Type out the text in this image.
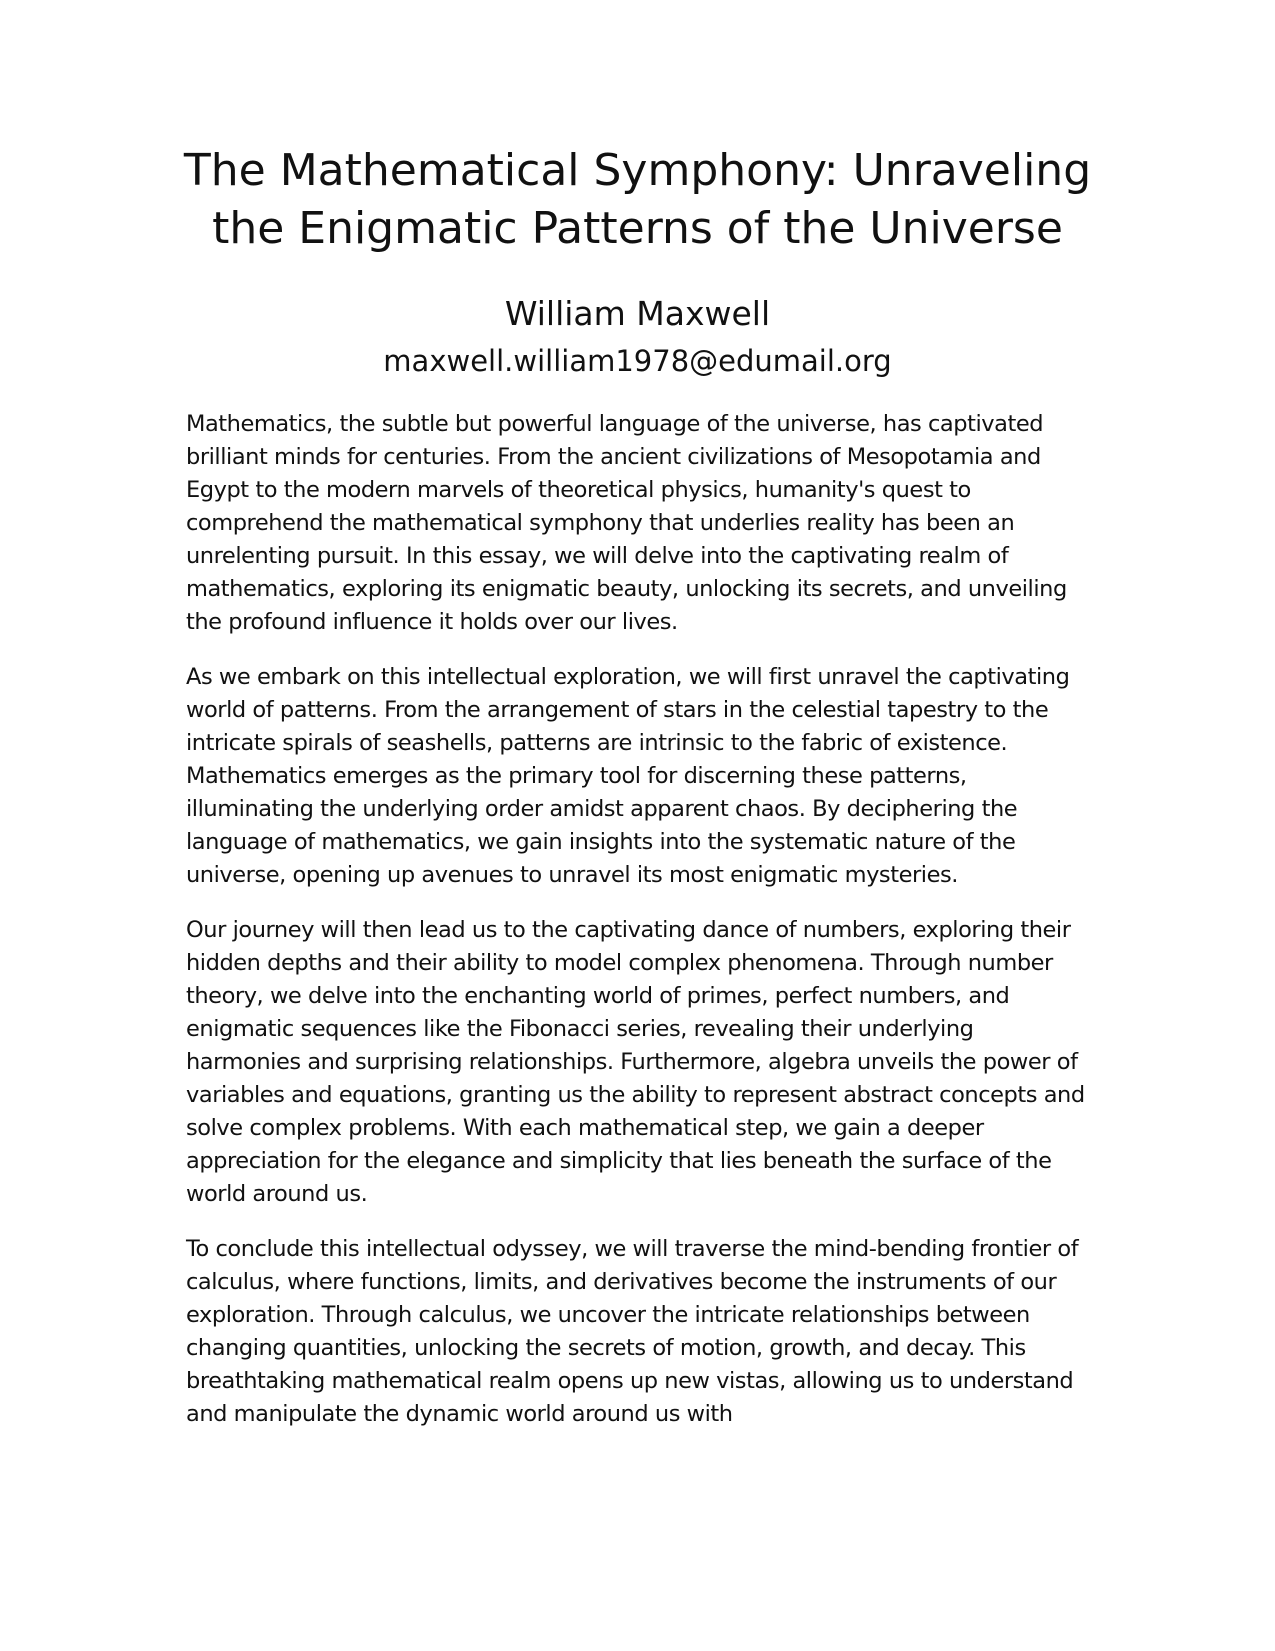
The Mathematical Symphony: Unraveling the Enigmatic Patterns of the Universe
William Maxwell
maxwell.william1978@edumail.org

Mathematics, the subtle but powerful language of the universe, has captivated brilliant minds for centuries. From the ancient civilizations of Mesopotamia and Egypt to the modern marvels of theoretical physics, humanity's quest to comprehend the mathematical symphony that underlies reality has been an unrelenting pursuit. In this essay, we will delve into the captivating realm of mathematics, exploring its enigmatic beauty, unlocking its secrets, and unveiling the profound influence it holds over our lives.

As we embark on this intellectual exploration, we will first unravel the captivating world of patterns. From the arrangement of stars in the celestial tapestry to the intricate spirals of seashells, patterns are intrinsic to the fabric of existence. Mathematics emerges as the primary tool for discerning these patterns, illuminating the underlying order amidst apparent chaos. By deciphering the language of mathematics, we gain insights into the systematic nature of the universe, opening up avenues to unravel its most enigmatic mysteries.

Our journey will then lead us to the captivating dance of numbers, exploring their hidden depths and their ability to model complex phenomena. Through number theory, we delve into the enchanting world of primes, perfect numbers, and enigmatic sequences like the Fibonacci series, revealing their underlying harmonies and surprising relationships. Furthermore, algebra unveils the power of variables and equations, granting us the ability to represent abstract concepts and solve complex problems. With each mathematical step, we gain a deeper appreciation for the elegance and simplicity that lies beneath the surface of the world around us.

To conclude this intellectual odyssey, we will traverse the mind-bending frontier of calculus, where functions, limits, and derivatives become the instruments of our exploration. Through calculus, we uncover the intricate relationships between changing quantities, unlocking the secrets of motion, growth, and decay. This breathtaking mathematical realm opens up new vistas, allowing us to understand and manipulate the dynamic world around us with
